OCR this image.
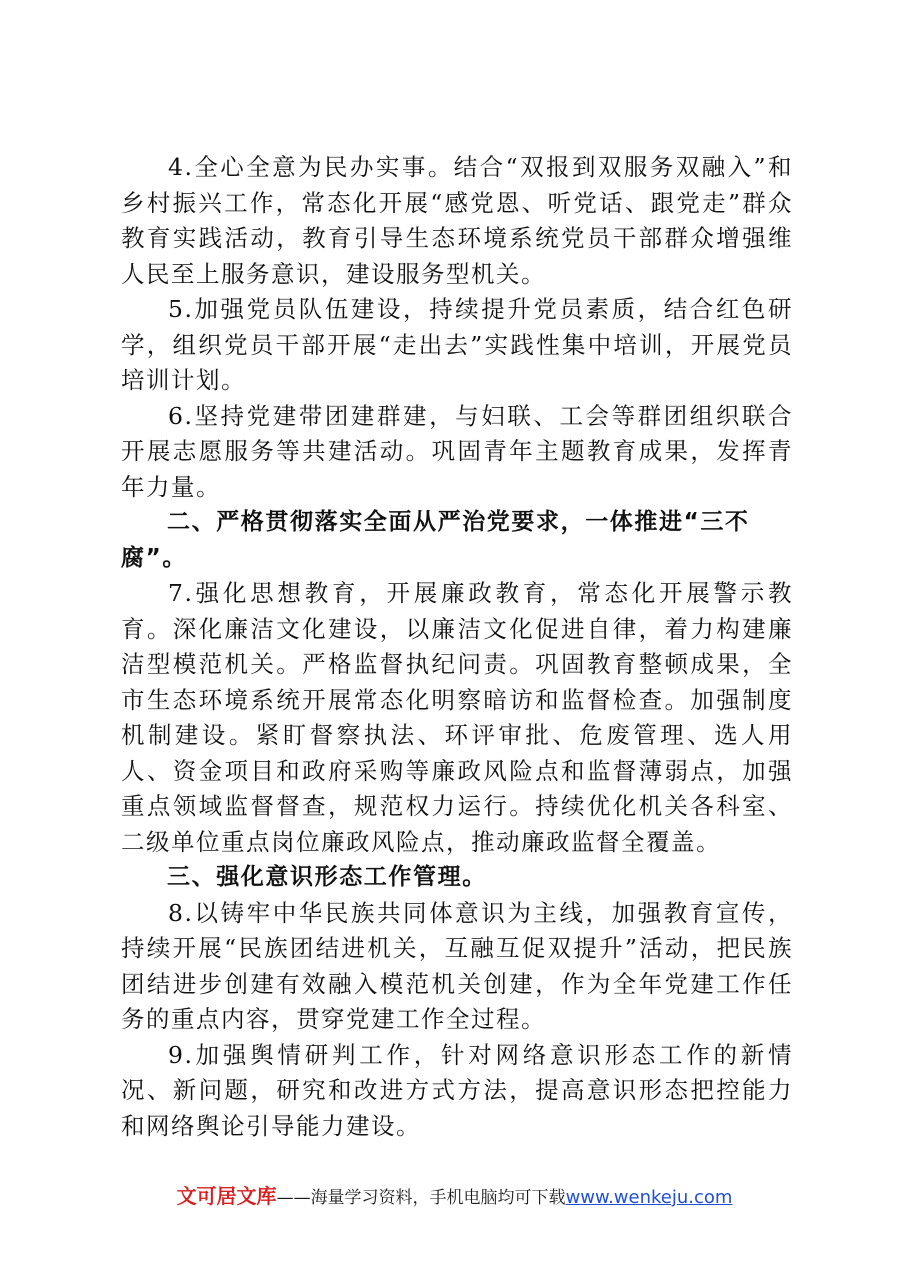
4.全心全意为民办实事。结合“双报到双服务双融入”和乡村振兴工作，常态化开展“感党恩、听党话、跟党走”群众教育实践活动，教育引导生态环境系统党员干部群众增强维人民至上服务意识，建设服务型机关。

5.加强党员队伍建设，持续提升党员素质，结合红色研学，组织党员干部开展“走出去”实践性集中培训，开展党员培训计划。

6.坚持党建带团建群建，与妇联、工会等群团组织联合开展志愿服务等共建活动。巩固青年主题教育成果，发挥青年力量。

二、严格贯彻落实全面从严治党要求，一体推进“三不腐”。

7.强化思想教育，开展廉政教育，常态化开展警示教育。深化廉洁文化建设，以廉洁文化促进自律，着力构建廉洁型模范机关。严格监督执纪问责。巩固教育整顿成果，全市生态环境系统开展常态化明察暗访和监督检查。加强制度机制建设。紧盯督察执法、环评审批、危废管理、选人用人、资金项目和政府采购等廉政风险点和监督薄弱点，加强重点领域监督督查，规范权力运行。持续优化机关各科室、二级单位重点岗位廉政风险点，推动廉政监督全覆盖。

三、强化意识形态工作管理。

8.以铸牢中华民族共同体意识为主线，加强教育宣传，持续开展“民族团结进机关，互融互促双提升”活动，把民族团结进步创建有效融入模范机关创建，作为全年党建工作任务的重点内容，贯穿党建工作全过程。

9.加强舆情研判工作，针对网络意识形态工作的新情况、新问题，研究和改进方式方法，提高意识形态把控能力和网络舆论引导能力建设。

文可居文库——海量学习资料，手机电脑均可下载www.wenkeju.com
